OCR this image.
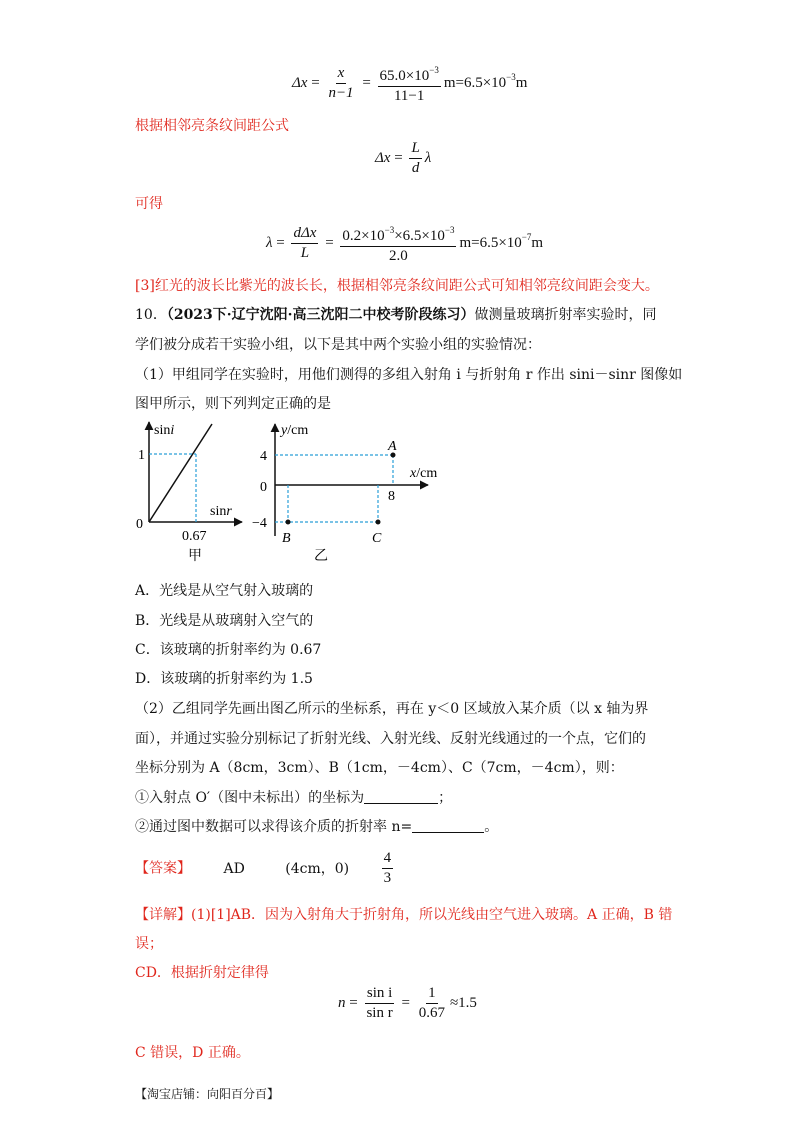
$\Delta x = \frac{x}{n-1} = \frac{65.0\times 10^{-3}}{11-1} m=6.5\times 10^{-3}m$
根据相邻亮条纹间距公式
$\Delta x = \frac{L}{d}$ λ
可得
$\lambda = \frac{\text{dΔx}}{L} = \frac{0.2\times 10^{-3}\times 6.5\times 10^{-3}}{2.0} m=6.5\times 10^{-7}m$
[3]红光的波长比紫光的波长长，根据相邻亮条纹间距公式可知相邻亮纹间距会变大。
10．（2023下·辽宁沈阳·高三沈阳二中校考阶段练习）做测量玻璃折射率实验时，同
学们被分成若干实验小组，以下是其中两个实验小组的实验情况：
（1）甲组同学在实验时，用他们测得的多组入射角 i 与折射角 r 作出 sini－sinr 图像如
图甲所示，则下列判定正确的是
sini
sinr
1
0
0.67
甲
y/cm
x/cm
4
0
−4
8
A
B	C
乙
A．光线是从空气射入玻璃的
B．光线是从玻璃射入空气的
C．该玻璃的折射率约为 0.67
D．该玻璃的折射率约为 1.5
（2）乙组同学先画出图乙所示的坐标系，再在 y＜0 区域放入某介质（以 x 轴为界
面），并通过实验分别标记了折射光线、入射光线、反射光线通过的一个点，它们的
坐标分别为 A（8cm，3cm）、B（1cm，－4cm）、C（7cm，－4cm），则：
①入射点 O′（图中未标出）的坐标为	；
②通过图中数据可以求得该介质的折射率 n=	。
【答案】 AD	(4cm，$0) \frac{4}{3}$
【详解】(1)[1]AB．因为入射角大于折射角，所以光线由空气进入玻璃。A 正确，B 错
误；
CD．根据折射定律得
$n = \frac{\text{sin i}}{\text{sin r}} = \frac{1}{0.67} \approx 1.5$
C 错误，D 正确。
【淘宝店铺：向阳百分百】
